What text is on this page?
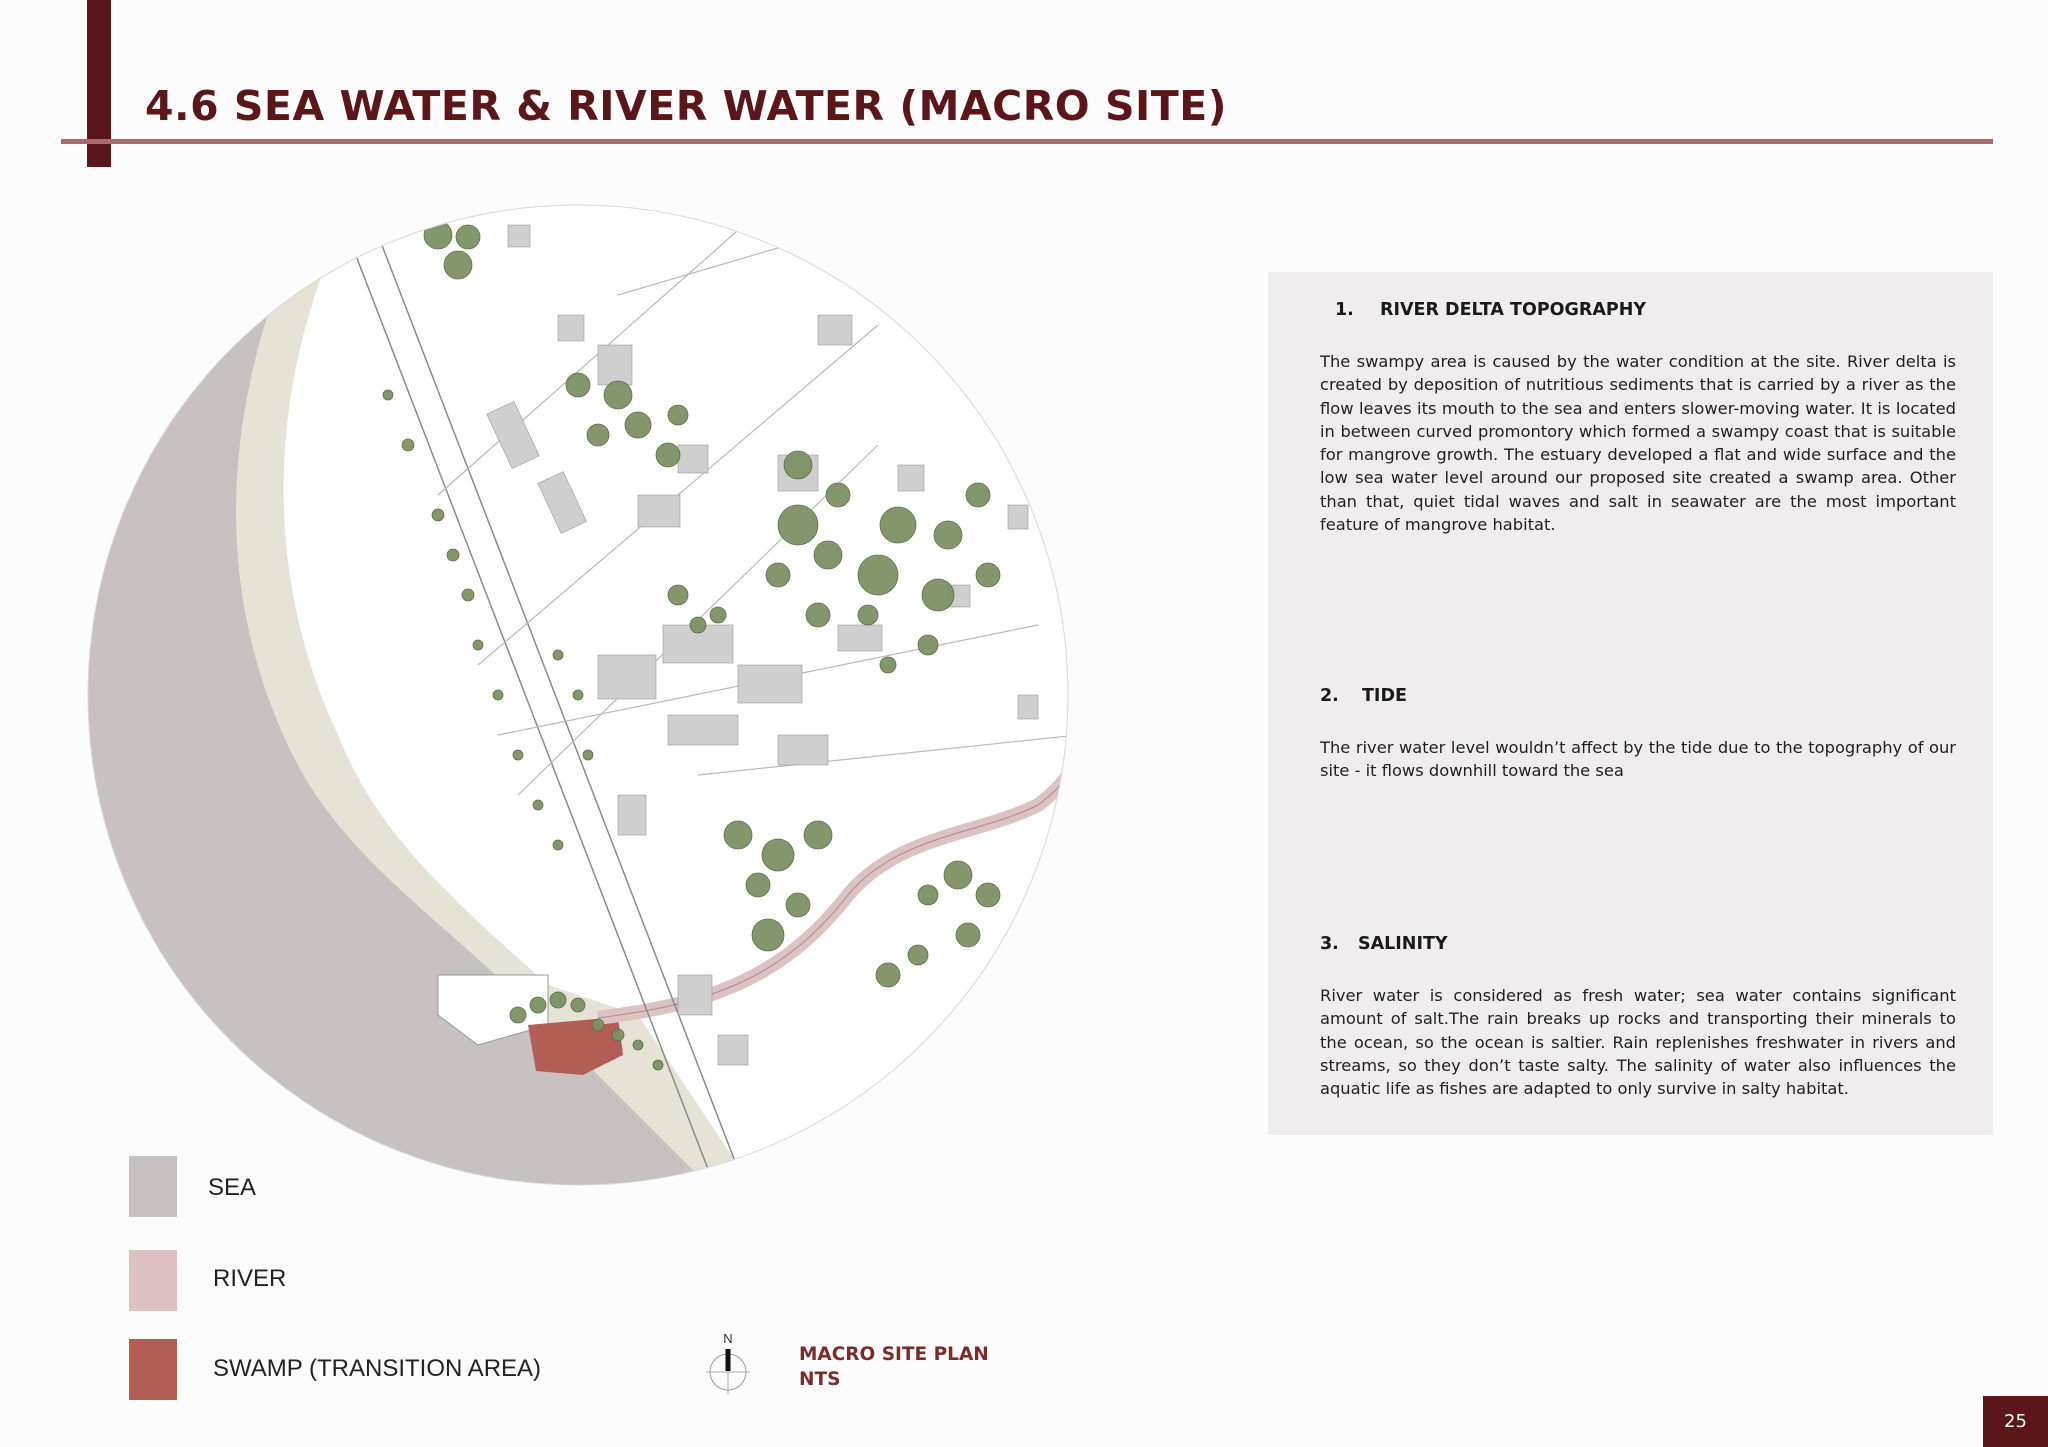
4.6 SEA WATER & RIVER WATER (MACRO SITE)
1. RIVER DELTA TOPOGRAPHY

The swampy area is caused by the water condition at the site. River delta is created by deposition of nutritious sediments that is carried by a river as the flow leaves its mouth to the sea and enters slower-moving water. It is located in between curved promontory which formed a swampy coast that is suitable for mangrove growth. The estuary developed a flat and wide surface and the low sea water level around our proposed site created a swamp area. Other than that, quiet tidal waves and salt in seawater are the most important feature of mangrove habitat.

2. TIDE

The river water level wouldn’t affect by the tide due to the topography of our site - it flows downhill toward the sea

3. SALINITY

River water is considered as fresh water; sea water contains significant amount of salt.The rain breaks up rocks and transporting their minerals to the ocean, so the ocean is saltier. Rain replenishes freshwater in rivers and streams, so they don’t taste salty. The salinity of water also influences the aquatic life as fishes are adapted to only survive in salty habitat.

SEA
RIVER
SWAMP (TRANSITION AREA)
N
MACRO SITE PLAN
NTS
25
